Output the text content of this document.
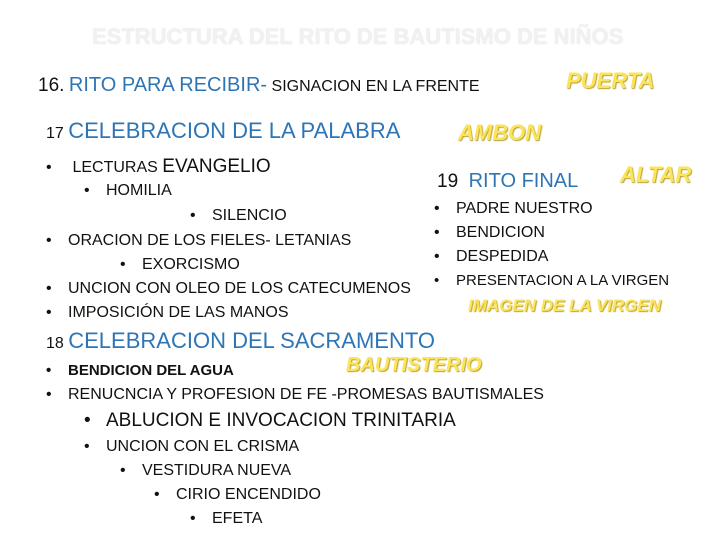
ESTRUCTURA DEL RITO DE BAUTISMO DE NIÑOS
16. RITO PARA RECIBIR- SIGNACION EN LA FRENTE	PUERTA
17 CELEBRACION DE LA PALABRA	AMBON
• LECTURAS EVANGELIO
• HOMILIA
• SILENCIO
• ORACION DE LOS FIELES- LETANIAS
• EXORCISMO
• UNCION CON OLEO DE LOS CATECUMENOS
• IMPOSICIÓN DE LAS MANOS
19 RITO FINAL ALTAR
• PADRE NUESTRO
• BENDICION
• DESPEDIDA
• PRESENTACION A LA VIRGEN
IMAGEN DE LA VIRGEN
18 CELEBRACION DEL SACRAMENTO
BAUTISTERIO
• BENDICION DEL AGUA
• RENUCNCIA Y PROFESION DE FE -PROMESAS BAUTISMALES
• ABLUCION E INVOCACION TRINITARIA
• UNCION CON EL CRISMA
• VESTIDURA NUEVA
• CIRIO ENCENDIDO
• EFETA
